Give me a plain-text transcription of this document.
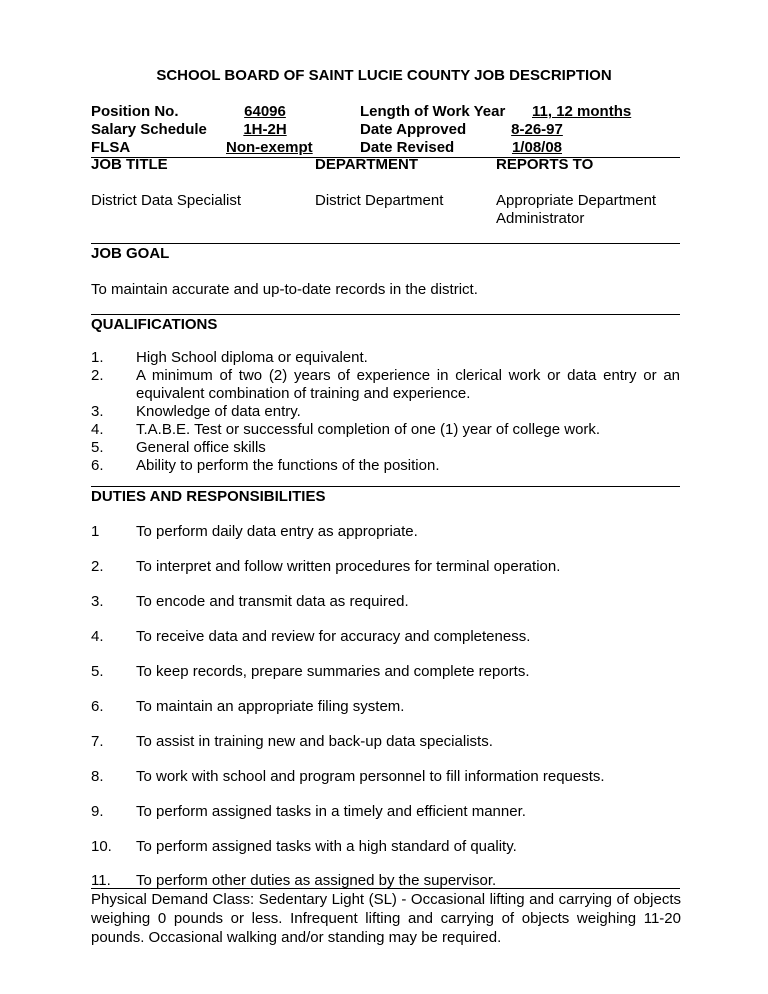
SCHOOL BOARD OF SAINT LUCIE COUNTY JOB DESCRIPTION
Position No.	64096
Salary Schedule	1H-2H
FLSA	Non-exempt
Length of Work Year 11, 12 months
Date Approved	8-26-97
Date Revised	1/08/08
JOB TITLE	DEPARTMENT	REPORTS TO
District Data Specialist	District Department	Appropriate Department
Administrator
JOB GOAL
To maintain accurate and up-to-date records in the district.
QUALIFICATIONS
1. High School diploma or equivalent.
2. A minimum of two (2) years of experience in clerical work or data entry or an equivalent combination of training and experience.
3. Knowledge of data entry.
4. T.A.B.E. Test or successful completion of one (1) year of college work.
5. General office skills
6. Ability to perform the functions of the position.
DUTIES AND RESPONSIBILITIES
1 To perform daily data entry as appropriate.
2. To interpret and follow written procedures for terminal operation.
3. To encode and transmit data as required.
4. To receive data and review for accuracy and completeness.
5. To keep records, prepare summaries and complete reports.
6. To maintain an appropriate filing system.
7. To assist in training new and back-up data specialists.
8. To work with school and program personnel to fill information requests.
9. To perform assigned tasks in a timely and efficient manner.
10. To perform assigned tasks with a high standard of quality.
11. To perform other duties as assigned by the supervisor.
Physical Demand Class: Sedentary Light (SL) - Occasional lifting and carrying of objects weighing 0 pounds or less. Infrequent lifting and carrying of objects weighing 11-20 pounds. Occasional walking and/or standing may be required.
